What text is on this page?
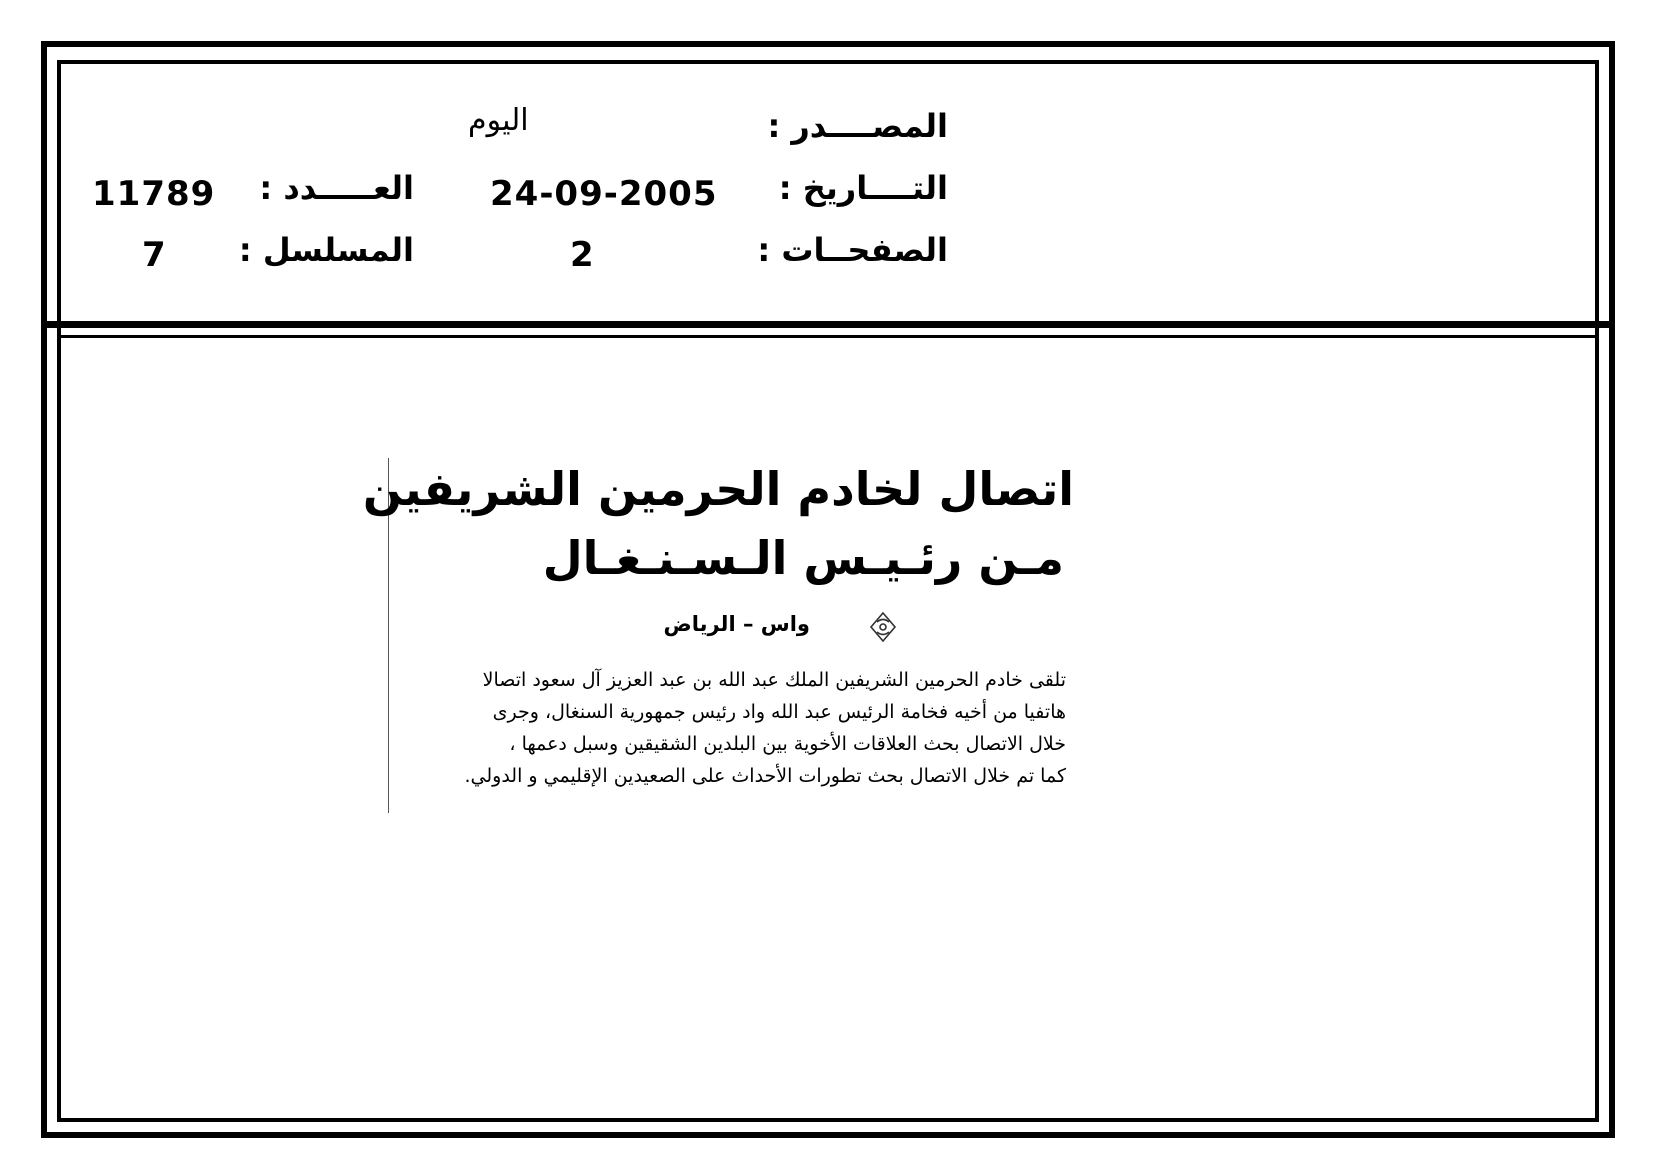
المصــــدر :
اليوم
التــــاريخ :
24-09-2005
العـــــدد :
11789
الصفحــات :
2
المسلسل :
7
اتصال لخادم الحرمين الشريفين
مـن رئـيـس الـسـنـغـال
واس – الرياض
تلقى خادم الحرمين الشريفين الملك عبد الله بن عبد العزيز آل سعود اتصالا
هاتفيا من أخيه فخامة الرئيس عبد الله واد رئيس جمهورية السنغال، وجرى
خلال الاتصال بحث العلاقات الأخوية بين البلدين الشقيقين وسبل دعمها ،
كما تم خلال الاتصال بحث تطورات الأحداث على الصعيدين الإقليمي و الدولي.
